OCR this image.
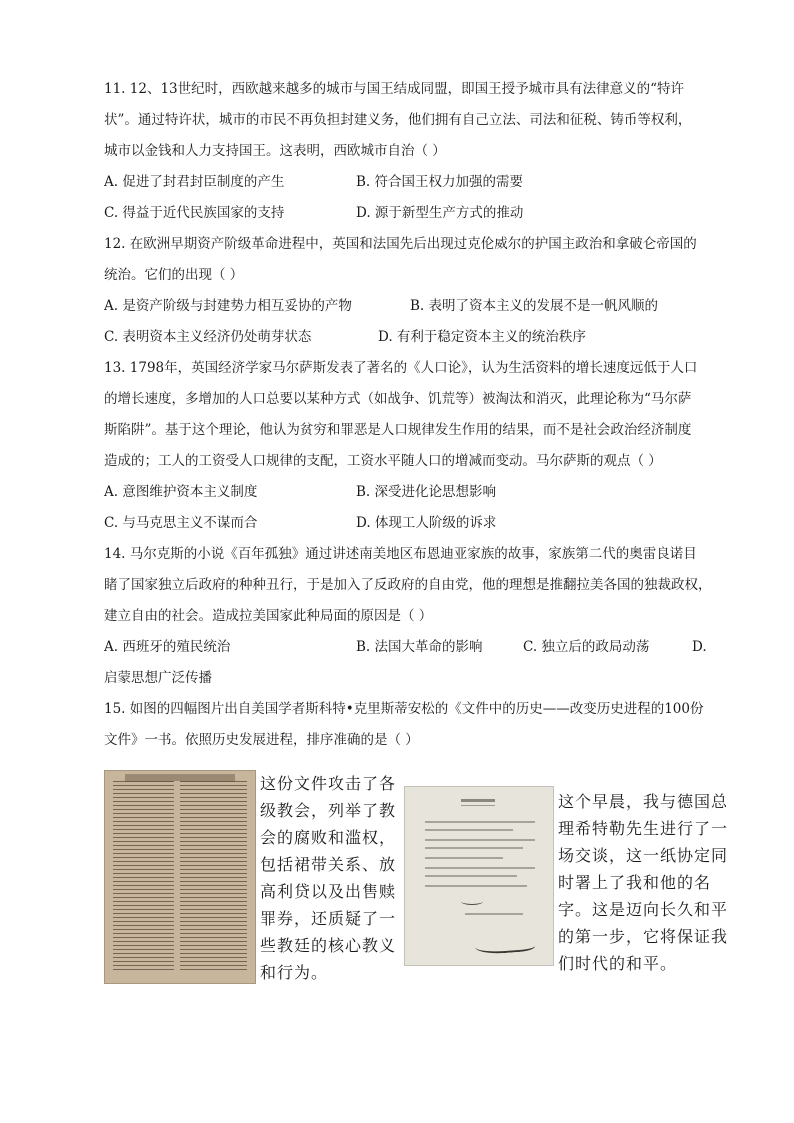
11. 12、13世纪时，西欧越来越多的城市与国王结成同盟，即国王授予城市具有法律意义的“特许
状”。通过特许状，城市的市民不再负担封建义务，他们拥有自己立法、司法和征税、铸币等权利，
城市以金钱和人力支持国王。这表明，西欧城市自治（ ）
A. 促进了封君封臣制度的产生	B. 符合国王权力加强的需要
C. 得益于近代民族国家的支持	D. 源于新型生产方式的推动
12. 在欧洲早期资产阶级革命进程中，英国和法国先后出现过克伦威尔的护国主政治和拿破仑帝国的
统治。它们的出现（ ）
A. 是资产阶级与封建势力相互妥协的产物	B. 表明了资本主义的发展不是一帆风顺的
C. 表明资本主义经济仍处萌芽状态	D. 有利于稳定资本主义的统治秩序
13. 1798年，英国经济学家马尔萨斯发表了著名的《人口论》，认为生活资料的增长速度远低于人口
的增长速度，多增加的人口总要以某种方式（如战争、饥荒等）被淘汰和消灭，此理论称为“马尔萨
斯陷阱”。基于这个理论，他认为贫穷和罪恶是人口规律发生作用的结果，而不是社会政治经济制度
造成的；工人的工资受人口规律的支配，工资水平随人口的增减而变动。马尔萨斯的观点（ ）
A. 意图维护资本主义制度	B. 深受进化论思想影响
C. 与马克思主义不谋而合	D. 体现工人阶级的诉求
14. 马尔克斯的小说《百年孤独》通过讲述南美地区布恩迪亚家族的故事，家族第二代的奥雷良诺目
睹了国家独立后政府的种种丑行，于是加入了反政府的自由党，他的理想是推翻拉美各国的独裁政权，
建立自由的社会。造成拉美国家此种局面的原因是（ ）
A. 西班牙的殖民统治	B. 法国大革命的影响	C. 独立后的政局动荡	D.
启蒙思想广泛传播
15. 如图的四幅图片出自美国学者斯科特•克里斯蒂安松的《文件中的历史——改变历史进程的100份
文件》一书。依照历史发展进程，排序准确的是（ ）
这份文件攻击了各级教会，列举了教会的腐败和滥权，包括裙带关系、放高利贷以及出售赎罪券，还质疑了一些教廷的核心教义和行为。
这个早晨，我与德国总理希特勒先生进行了一场交谈，这一纸协定同时署上了我和他的名字。这是迈向长久和平的第一步，它将保证我们时代的和平。
